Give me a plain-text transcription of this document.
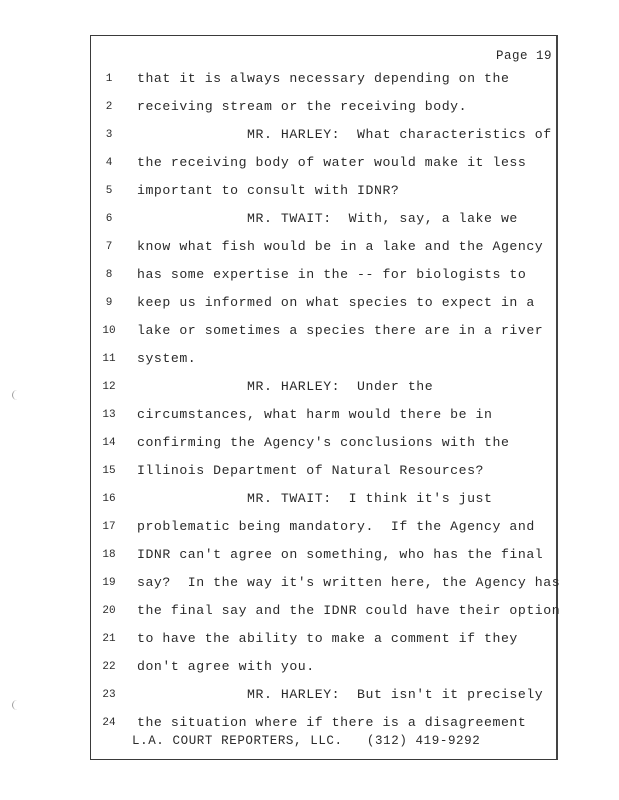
Page 19
1	that it is always necessary depending on the
2	receiving stream or the receiving body.
3	MR. HARLEY:  What characteristics of
4	the receiving body of water would make it less
5	important to consult with IDNR?
6	MR. TWAIT:  With, say, a lake we
7	know what fish would be in a lake and the Agency
8	has some expertise in the -- for biologists to
9	keep us informed on what species to expect in a
10 lake or sometimes a species there are in a river
11 system.
12 MR. HARLEY:  Under the
13 circumstances, what harm would there be in
14 confirming the Agency's conclusions with the
15 Illinois Department of Natural Resources?
16 MR. TWAIT:  I think it's just
17 problematic being mandatory.  If the Agency and
18 IDNR can't agree on something, who has the final
19 say?  In the way it's written here, the Agency has
20 the final say and the IDNR could have their option
21 to have the ability to make a comment if they
22 don't agree with you.
23 MR. HARLEY:  But isn't it precisely
24 the situation where if there is a disagreement
L.A. COURT REPORTERS, LLC.   (312) 419-9292
